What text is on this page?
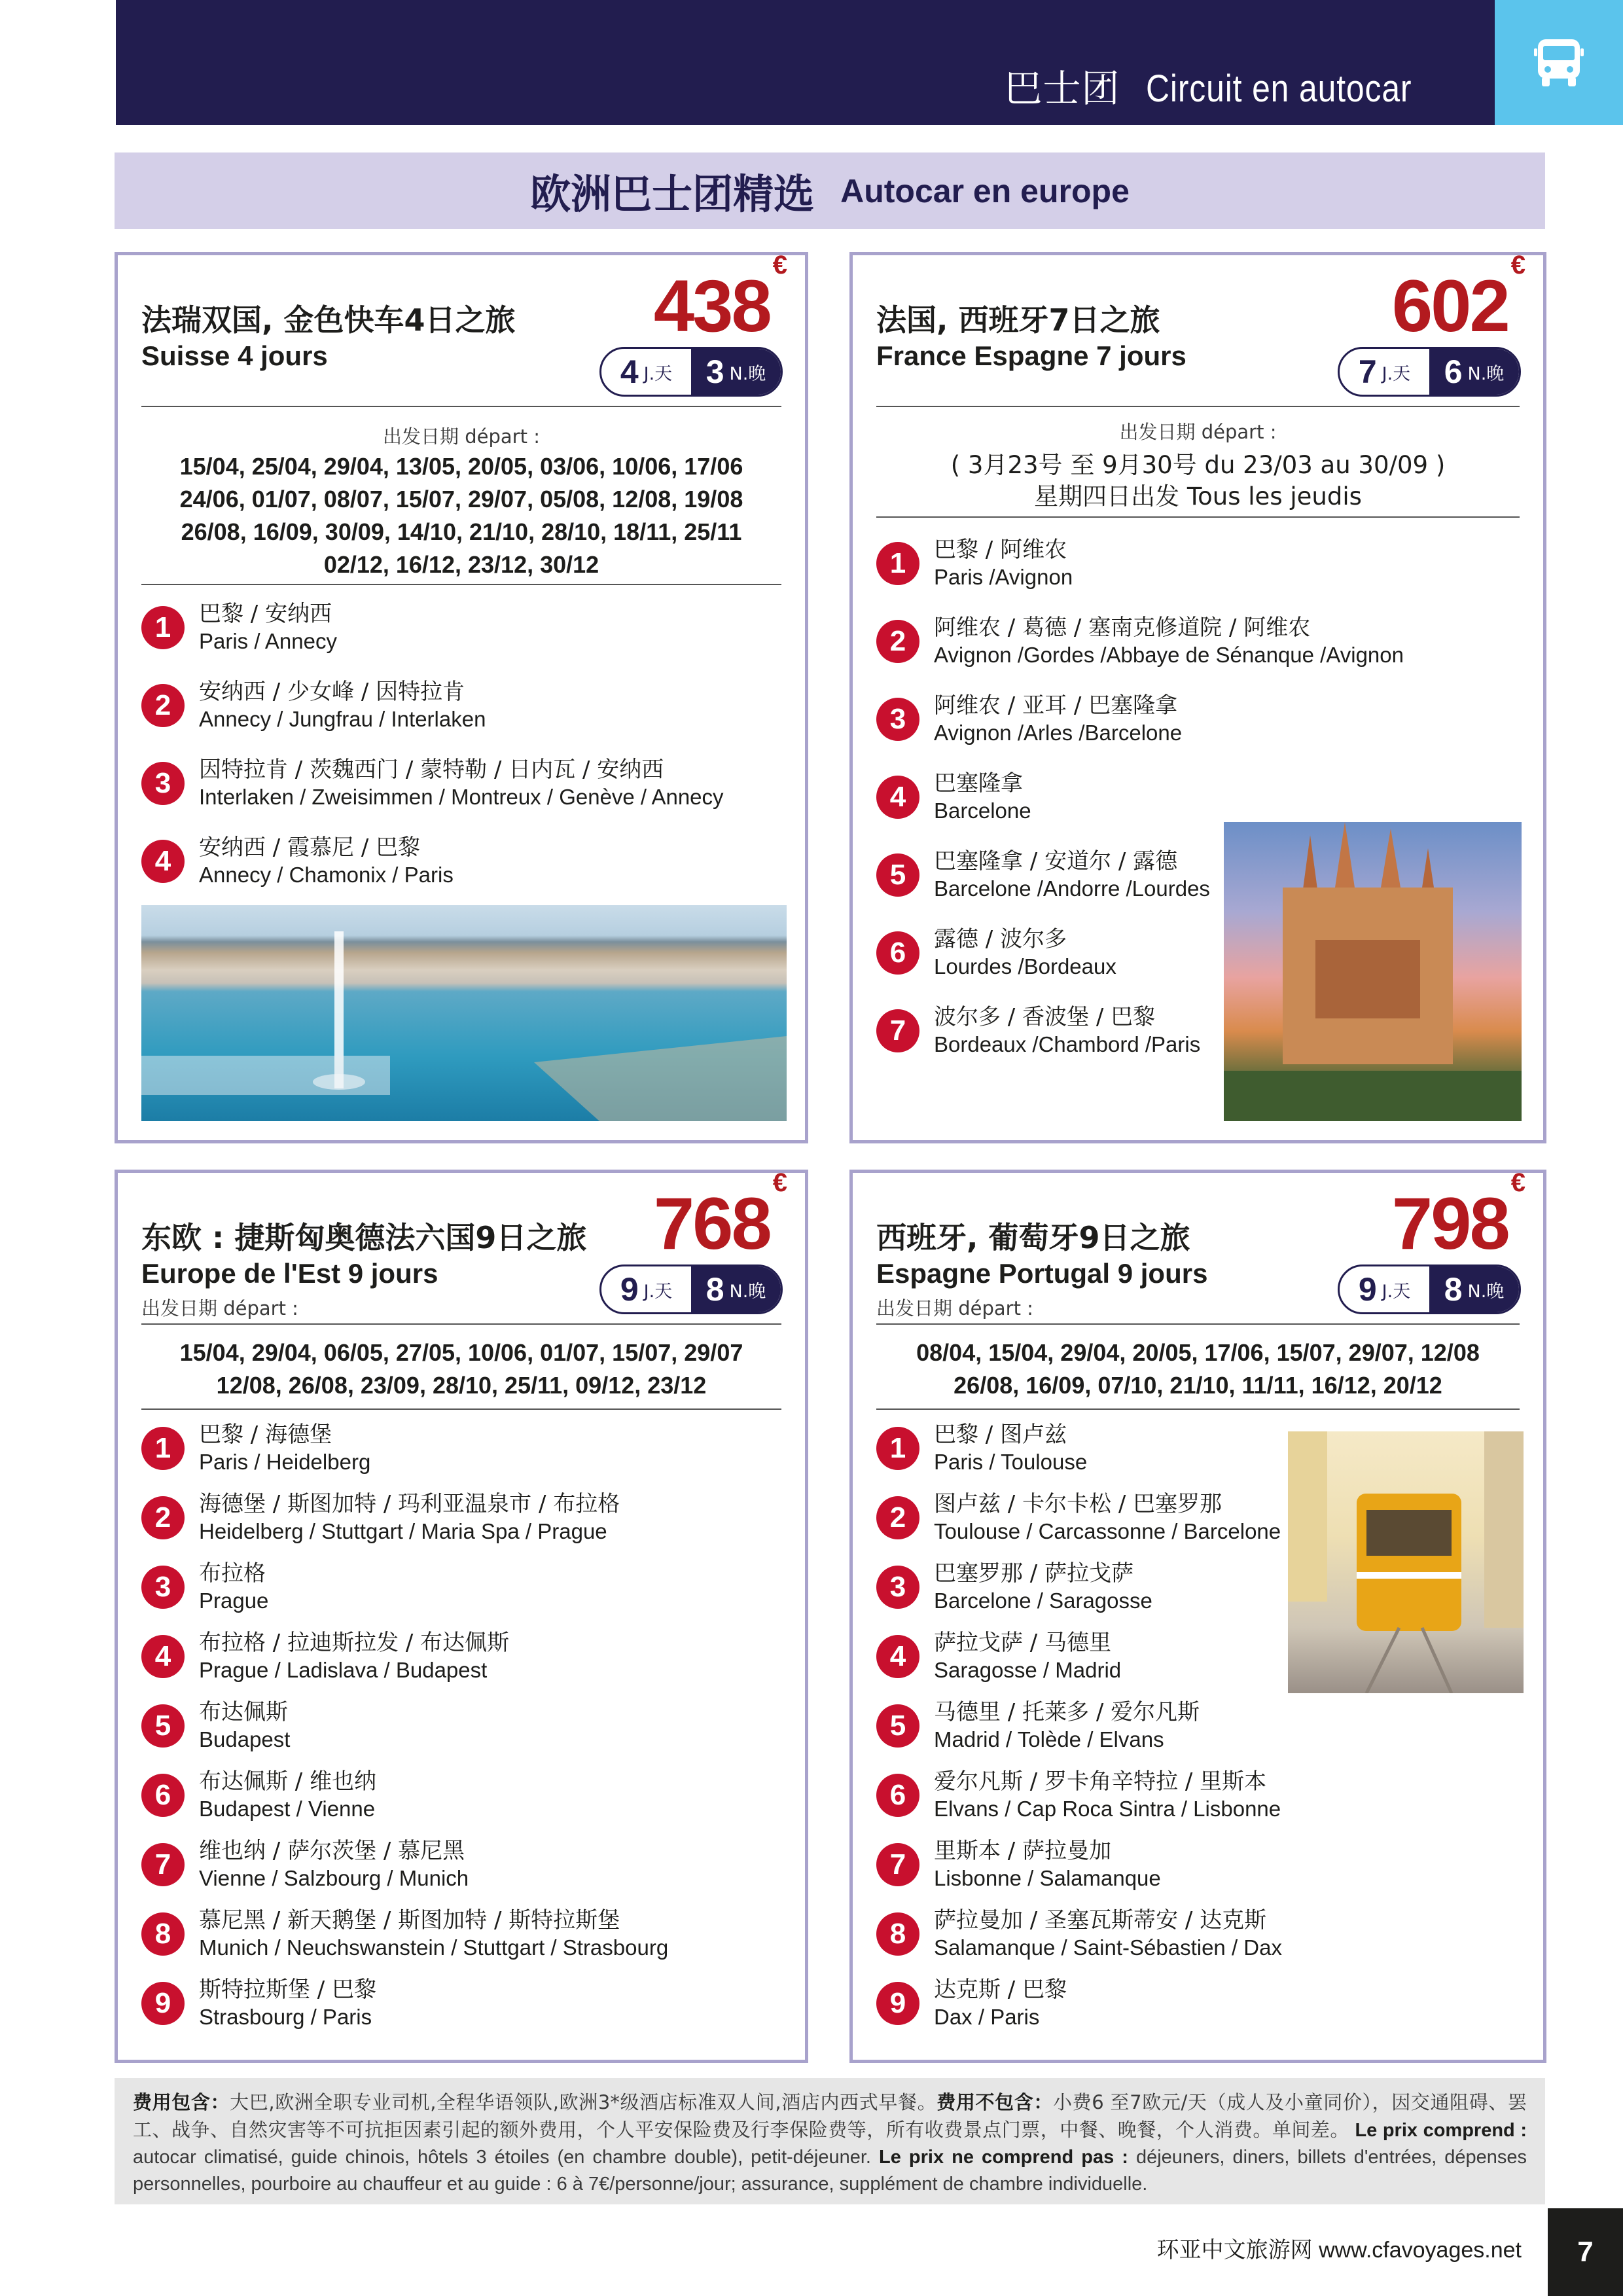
巴士团 Circuit en autocar
欧洲巴士团精选 Autocar en europe
法瑞双国, 金色快车4日之旅
Suisse 4 jours
438€
4 J.天 3 N.晚
出发日期 départ :
15/04, 25/04, 29/04, 13/05, 20/05, 03/06, 10/06, 17/06
24/06, 01/07, 08/07, 15/07, 29/07, 05/08, 12/08, 19/08
26/08, 16/09, 30/09, 14/10, 21/10, 28/10, 18/11, 25/11
02/12, 16/12, 23/12, 30/12
1	巴黎 / 安纳西
Paris / Annecy
2	安纳西 / 少女峰 / 因特拉肯
Annecy / Jungfrau / Interlaken
3	因特拉肯 / 茨魏西门 / 蒙特勒 / 日内瓦 / 安纳西
Interlaken / Zweisimmen / Montreux / Genève / Annecy
4	安纳西 / 霞慕尼 / 巴黎
Annecy / Chamonix / Paris
法国, 西班牙7日之旅
France Espagne 7 jours
602€
7 J.天 6 N.晚
出发日期 départ :
( 3月23号 至 9月30号 du 23/03 au 30/09 )
星期四日出发 Tous les jeudis
1	巴黎 / 阿维农
Paris /Avignon
2	阿维农 / 葛德 / 塞南克修道院 / 阿维农
Avignon /Gordes /Abbaye de Sénanque /Avignon
3	阿维农 / 亚耳 / 巴塞隆拿
Avignon /Arles /Barcelone
4	巴塞隆拿
Barcelone
5	巴塞隆拿 / 安道尔 / 露德
Barcelone /Andorre /Lourdes
6	露德 / 波尔多
Lourdes /Bordeaux
7	波尔多 / 香波堡 / 巴黎
Bordeaux /Chambord /Paris
东欧 : 捷斯匈奥德法六国9日之旅
Europe de l'Est 9 jours
出发日期 départ :
768€
9 J.天 8 N.晚
15/04, 29/04, 06/05, 27/05, 10/06, 01/07, 15/07, 29/07
12/08, 26/08, 23/09, 28/10, 25/11, 09/12, 23/12
1	巴黎 / 海德堡
Paris / Heidelberg
2	海德堡 / 斯图加特 / 玛利亚温泉市 / 布拉格
Heidelberg / Stuttgart / Maria Spa / Prague
3	布拉格
Prague
4	布拉格 / 拉迪斯拉发 / 布达佩斯
Prague / Ladislava / Budapest
5	布达佩斯
Budapest
6	布达佩斯 / 维也纳
Budapest / Vienne
7	维也纳 / 萨尔茨堡 / 慕尼黑
Vienne / Salzbourg / Munich
8	慕尼黑 / 新天鹅堡 / 斯图加特 / 斯特拉斯堡
Munich / Neuchswanstein / Stuttgart / Strasbourg
9	斯特拉斯堡 / 巴黎
Strasbourg / Paris
西班牙, 葡萄牙9日之旅
Espagne Portugal 9 jours
出发日期 départ :
798€
9 J.天 8 N.晚
08/04, 15/04, 29/04, 20/05, 17/06, 15/07, 29/07, 12/08
26/08, 16/09, 07/10, 21/10, 11/11, 16/12, 20/12
1	巴黎 / 图卢兹
Paris / Toulouse
2	图卢兹 / 卡尔卡松 / 巴塞罗那
Toulouse / Carcassonne / Barcelone
3	巴塞罗那 / 萨拉戈萨
Barcelone / Saragosse
4	萨拉戈萨 / 马德里
Saragosse / Madrid
5	马德里 / 托莱多 / 爱尔凡斯
Madrid / Tolède / Elvans
6	爱尔凡斯 / 罗卡角辛特拉 / 里斯本
Elvans / Cap Roca Sintra / Lisbonne
7	里斯本 / 萨拉曼加
Lisbonne / Salamanque
8	萨拉曼加 / 圣塞瓦斯蒂安 / 达克斯
Salamanque / Saint-Sébastien / Dax
9	达克斯 / 巴黎
Dax / Paris
费用包含：大巴,欧洲全职专业司机,全程华语领队,欧洲3*级酒店标准双人间,酒店内西式早餐。费用不包含：小费6 至7欧元/天（成人及小童同价），因交通阻碍、罢工、战争、自然灾害等不可抗拒因素引起的额外费用，个人平安保险费及行李保险费等，所有收费景点门票，中餐、晚餐，个人消费。单间差。 Le prix comprend : autocar climatisé, guide chinois, hôtels 3 étoiles (en chambre double), petit-déjeuner. Le prix ne comprend pas : déjeuners, diners, billets d'entrées, dépenses personnelles, pourboire au chauffeur et au guide : 6 à 7€/personne/jour; assurance, supplément de chambre individuelle.
环亚中文旅游网 www.cfavoyages.net	7
